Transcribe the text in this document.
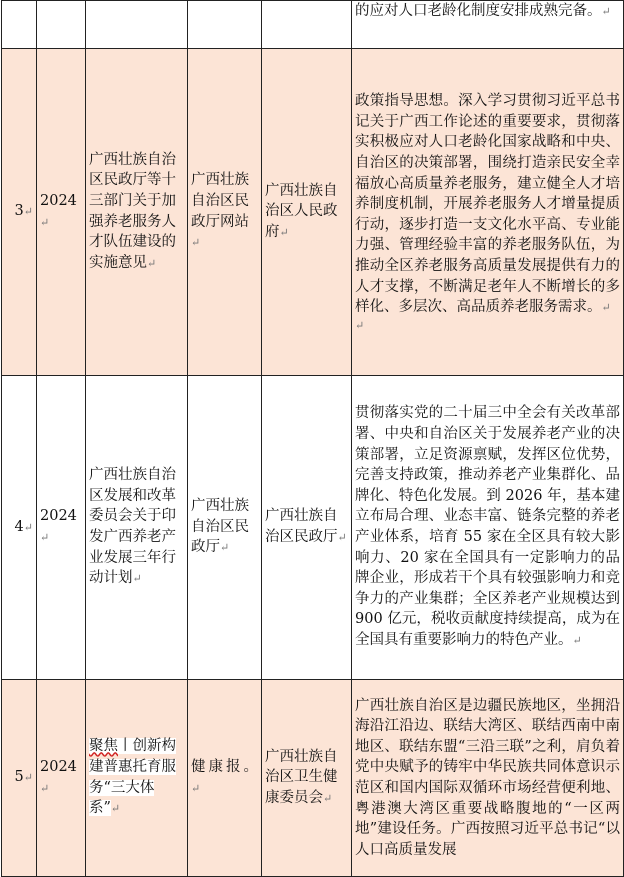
					的应对人口老龄化制度安排成熟完备。↵
3↵	2024↵	广西壮族自治区民政厅等十三部门关于加强养老服务人才队伍建设的实施意见↵	广西壮族自治区民政厅网站↵	广西壮族自治区人民政府↵	政策指导思想。深入学习贯彻习近平总书记关于广西工作论述的重要要求，贯彻落实积极应对人口老龄化国家战略和中央、自治区的决策部署，围绕打造亲民安全幸福放心高质量养老服务，建立健全人才培养制度机制，开展养老服务人才增量提质行动，逐步打造一支文化水平高、专业能力强、管理经验丰富的养老服务队伍，为推动全区养老服务高质量发展提供有力的人才支撑，不断满足老年人不断增长的多样化、多层次、高品质养老服务需求。↵
↵

4↵	2024↵	广西壮族自治区发展和改革委员会关于印发广西养老产业发展三年行动计划↵	广西壮族自治区民政厅↵	广西壮族自治区民政厅↵	贯彻落实党的二十届三中全会有关改革部署、中央和自治区关于发展养老产业的决策部署，立足资源禀赋，发挥区位优势，完善支持政策，推动养老产业集群化、品牌化、特色化发展。到 2026 年，基本建立布局合理、业态丰富、链条完整的养老产业体系，培育 55 家在全区具有较大影响力、20 家在全国具有一定影响力的品牌企业，形成若干个具有较强影响力和竞争力的产业集群；全区养老产业规模达到 900 亿元，税收贡献度持续提高，成为在全国具有重要影响力的特色产业。↵
5↵	2024↵	聚焦丨创新构建普惠托育服务“三大体系”↵	健康报。↵	广西壮族自治区卫生健康委员会↵	广西壮族自治区是边疆民族地区，坐拥沿海沿江沿边、联结大湾区、联结西南中南地区、联结东盟“三沿三联”之利，肩负着党中央赋予的铸牢中华民族共同体意识示范区和国内国际双循环市场经营便利地、粤港澳大湾区重要战略腹地的“一区两地”建设任务。广西按照习近平总书记“以人口高质量发展
